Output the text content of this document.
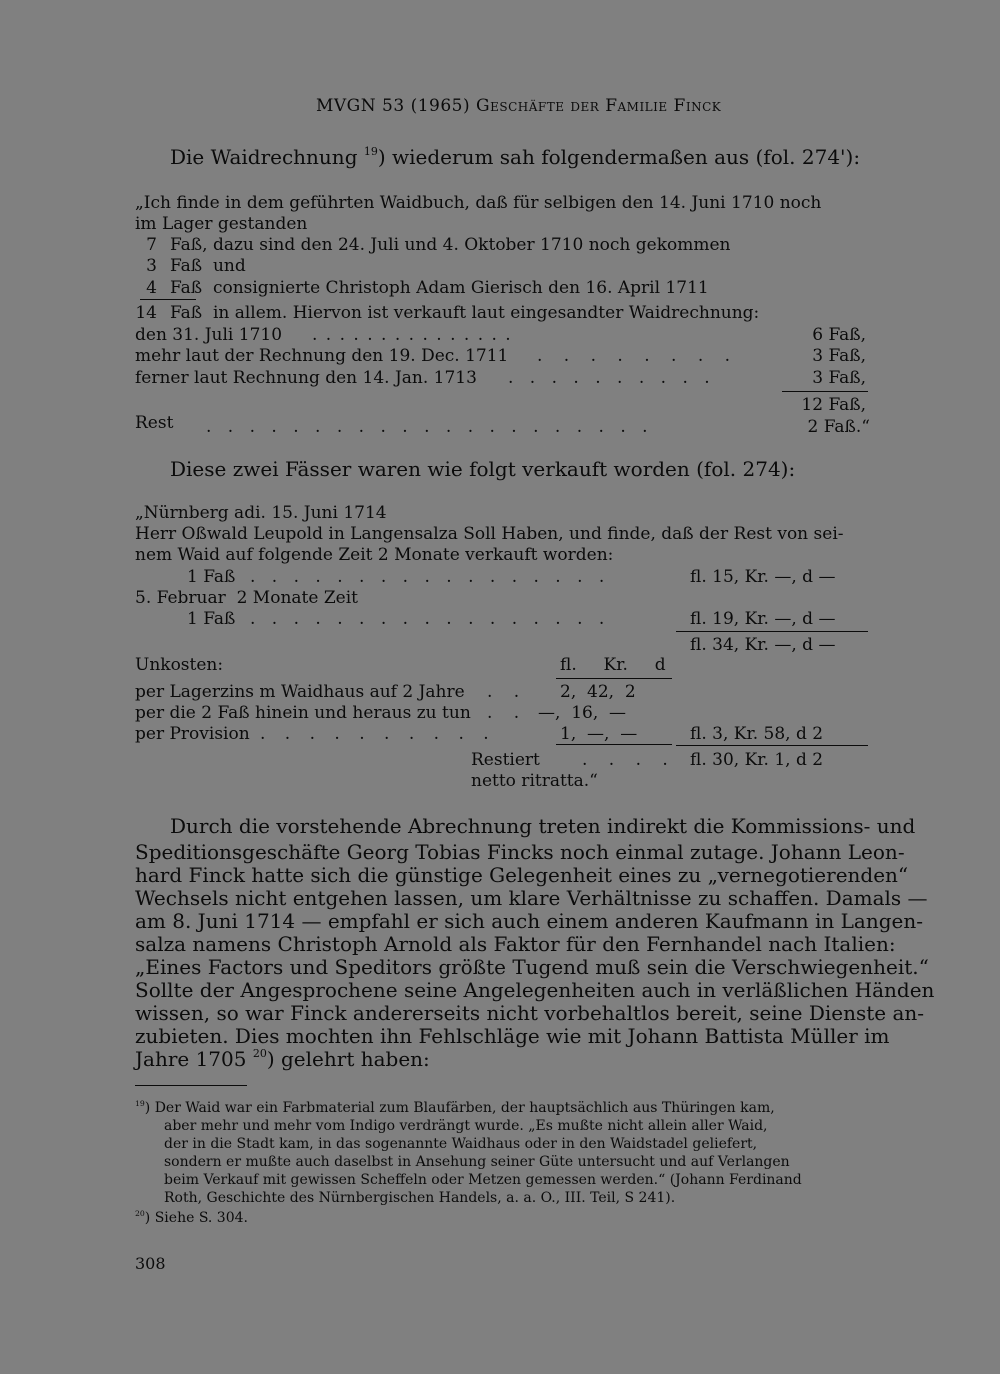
MVGN 53 (1965) Geschäfte der Familie Finck
Die Waidrechnung $^{19}$) wiederum sah folgendermaßen aus (fol. 274'):
„Ich finde in dem geführten Waidbuch, daß für selbigen den 14. Juni 1710 noch
im Lager gestanden
7 Faß, dazu sind den 24. Juli und 4. Oktober 1710 noch gekommen
3 Faß  und
4 Faß  consignierte Christoph Adam Gierisch den 16. April 1711
14 Faß  in allem. Hiervon ist verkauft laut eingesandter Waidrechnung:
den 31. Juli 1710 . . . . . . . . . . . . . . .	6 Faß,
mehr laut der Rechnung den 19. Dec. 1711 . . . . . . . .	3 Faß,
ferner laut Rechnung den 14. Jan. 1713 . . . . . . . . . .	3 Faß,
12 Faß,
Rest . . . . . . . . . . . . . . . . . . . . .	2 Faß.“
Diese zwei Fässer waren wie folgt verkauft worden (fol. 274):
„Nürnberg adi. 15. Juni 1714
Herr Oßwald Leupold in Langensalza Soll Haben, und finde, daß der Rest von sei-
nem Waid auf folgende Zeit 2 Monate verkauft worden:
1 Faß . . . . . . . . . . . . . . . . .	fl. 15, Kr. —, d —
5. Februar  2 Monate Zeit
1 Faß . . . . . . . . . . . . . . . . .	fl. 19, Kr. —, d —
fl. 34, Kr. —, d —
Unkosten:	fl.  Kr.  d
per Lagerzins m Waidhaus auf 2 Jahre . . 2,  42,  2
per die 2 Faß hinein und heraus zu tun . . —,  16,  —
per Provision . . . . . . . . . .	1,  —,  —	fl. 3, Kr. 58, d 2
Restiert . . . . fl. 30, Kr. 1, d 2
netto ritratta.“
Durch die vorstehende Abrechnung treten indirekt die Kommissions- und
Speditionsgeschäfte Georg Tobias Fincks noch einmal zutage. Johann Leon-
hard Finck hatte sich die günstige Gelegenheit eines zu „vernegotierenden“
Wechsels nicht entgehen lassen, um klare Verhältnisse zu schaffen. Damals —
am 8. Juni 1714 — empfahl er sich auch einem anderen Kaufmann in Langen-
salza namens Christoph Arnold als Faktor für den Fernhandel nach Italien:
„Eines Factors und Speditors größte Tugend muß sein die Verschwiegenheit.“
Sollte der Angesprochene seine Angelegenheiten auch in verläßlichen Händen
wissen, so war Finck andererseits nicht vorbehaltlos bereit, seine Dienste an-
zubieten. Dies mochten ihn Fehlschläge wie mit Johann Battista Müller im
Jahre 1705 $^{20}$) gelehrt haben:
$^{19}$) Der Waid war ein Farbmaterial zum Blaufärben, der hauptsächlich aus Thüringen kam,
aber mehr und mehr vom Indigo verdrängt wurde. „Es mußte nicht allein aller Waid,
der in die Stadt kam, in das sogenannte Waidhaus oder in den Waidstadel geliefert,
sondern er mußte auch daselbst in Ansehung seiner Güte untersucht und auf Verlangen
beim Verkauf mit gewissen Scheffeln oder Metzen gemessen werden.“ (Johann Ferdinand
Roth, Geschichte des Nürnbergischen Handels, a. a. O., III. Teil, S 241).
$^{20}$) Siehe S. 304.
308
